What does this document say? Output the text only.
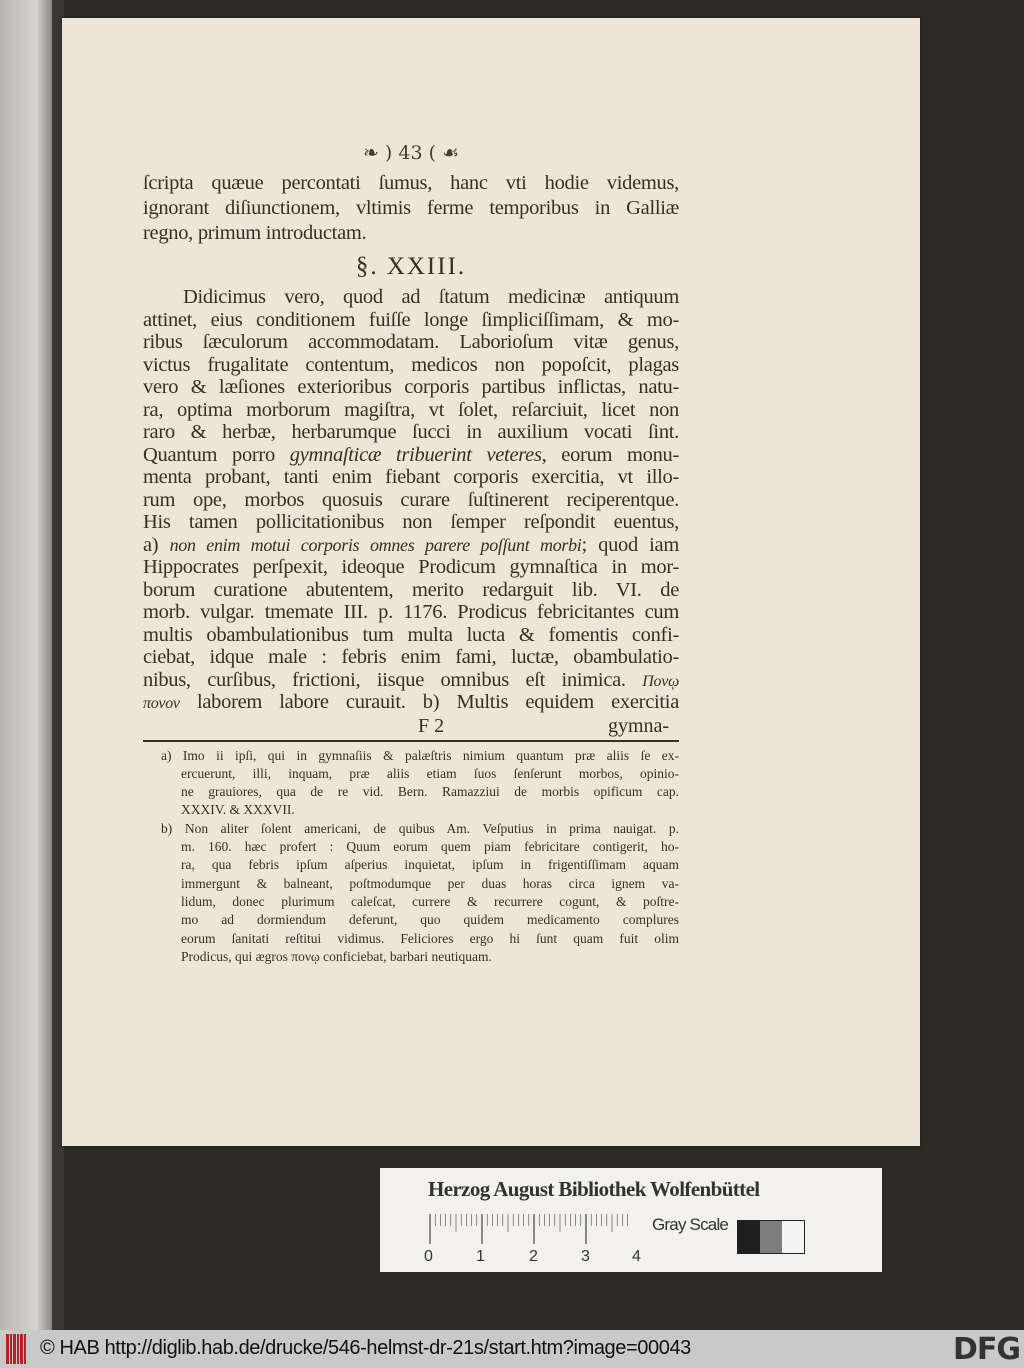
❧ ) 43 ( ☙
ſcripta quæue percontati ſumus, hanc vti hodie videmus,
ignorant diſiunctionem, vltimis ferme temporibus in Galliæ
regno, primum introductam.
§. XXIII.
Didicimus vero, quod ad ſtatum medicinæ antiquum
attinet, eius conditionem fuiſſe longe ſimpliciſſimam, & mo-
ribus ſæculorum accommodatam. Laborioſum vitæ genus,
victus frugalitate contentum, medicos non popoſcit, plagas
vero & læſiones exterioribus corporis partibus inflictas, natu-
ra, optima morborum magiſtra, vt ſolet, reſarciuit, licet non
raro & herbæ, herbarumque ſucci in auxilium vocati ſint.
Quantum porro gymnaſticæ tribuerint veteres, eorum monu-
menta probant, tanti enim fiebant corporis exercitia, vt illo-
rum ope, morbos quosuis curare ſuſtinerent reciperentque.
His tamen pollicitationibus non ſemper reſpondit euentus,
a) non enim motui corporis omnes parere poſſunt morbi; quod iam
Hippocrates perſpexit, ideoque Prodicum gymnaſtica in mor-
borum curatione abutentem, merito redarguit lib. VI. de
morb. vulgar. tmemate III. p. 1176. Prodicus febricitantes cum
multis obambulationibus tum multa lucta & fomentis confi-
ciebat, idque male : febris enim fami, luctæ, obambulatio-
nibus, curſibus, frictioni, iisque omnibus eſt inimica. Πονῳ
πονον laborem labore curauit. b) Multis equidem exercitia
F 2	gymna-
a) Imo ii ipſi, qui in gymnaſiis & palæſtris nimium quantum præ aliis ſe ex-
ercuerunt, illi, inquam, præ aliis etiam ſuos ſenſerunt morbos, opinio-
ne grauiores, qua de re vid. Bern. Ramazziui de morbis opificum cap.
XXXIV. & XXXVII.
b) Non aliter ſolent americani, de quibus Am. Veſputius in prima nauigat. p.
m. 160. hæc profert : Quum eorum quem piam febricitare contigerit, ho-
ra, qua febris ipſum aſperius inquietat, ipſum in frigentiſſimam aquam
immergunt & balneant, poſtmodumque per duas horas circa ignem va-
lidum, donec plurimum caleſcat, currere & recurrere cogunt, & poſtre-
mo ad dormiendum deferunt, quo quidem medicamento complures
eorum ſanitati reſtitui vidimus. Feliciores ergo hi ſunt quam fuit olim
Prodicus, qui ægros πονῳ conficiebat, barbari neutiquam.
Herzog August Bibliothek Wolfenbüttel
0	1	2	3	4
Gray Scale
© HAB http://diglib.hab.de/drucke/546-helmst-dr-21s/start.htm?image=00043	DFG
